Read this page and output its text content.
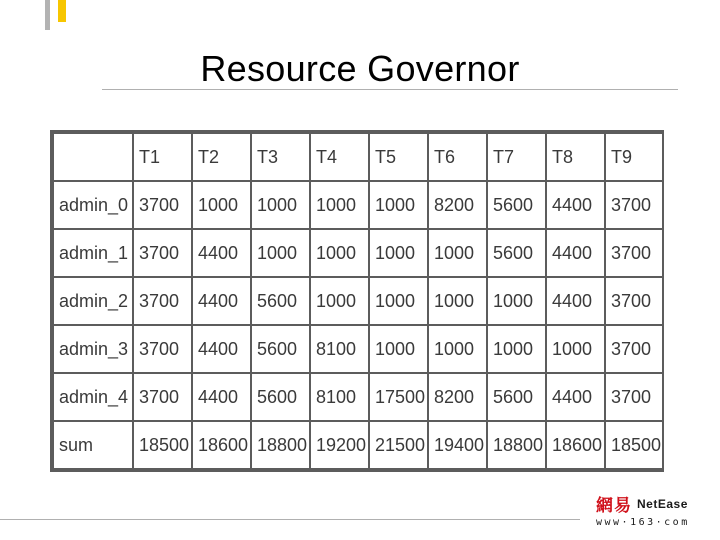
Resource Governor
	T1	T2	T3	T4	T5	T6	T7	T8	T9
admin_0	3700	1000	1000	1000	1000	8200	5600	4400	3700
admin_1	3700	4400	1000	1000	1000	1000	5600	4400	3700
admin_2	3700	4400	5600	1000	1000	1000	1000	4400	3700
admin_3	3700	4400	5600	8100	1000	1000	1000	1000	3700
admin_4	3700	4400	5600	8100	17500	8200	5600	4400	3700
sum	18500	18600	18800	19200	21500	19400	18800	18600	18500
網易 NetEase
www·163·com
